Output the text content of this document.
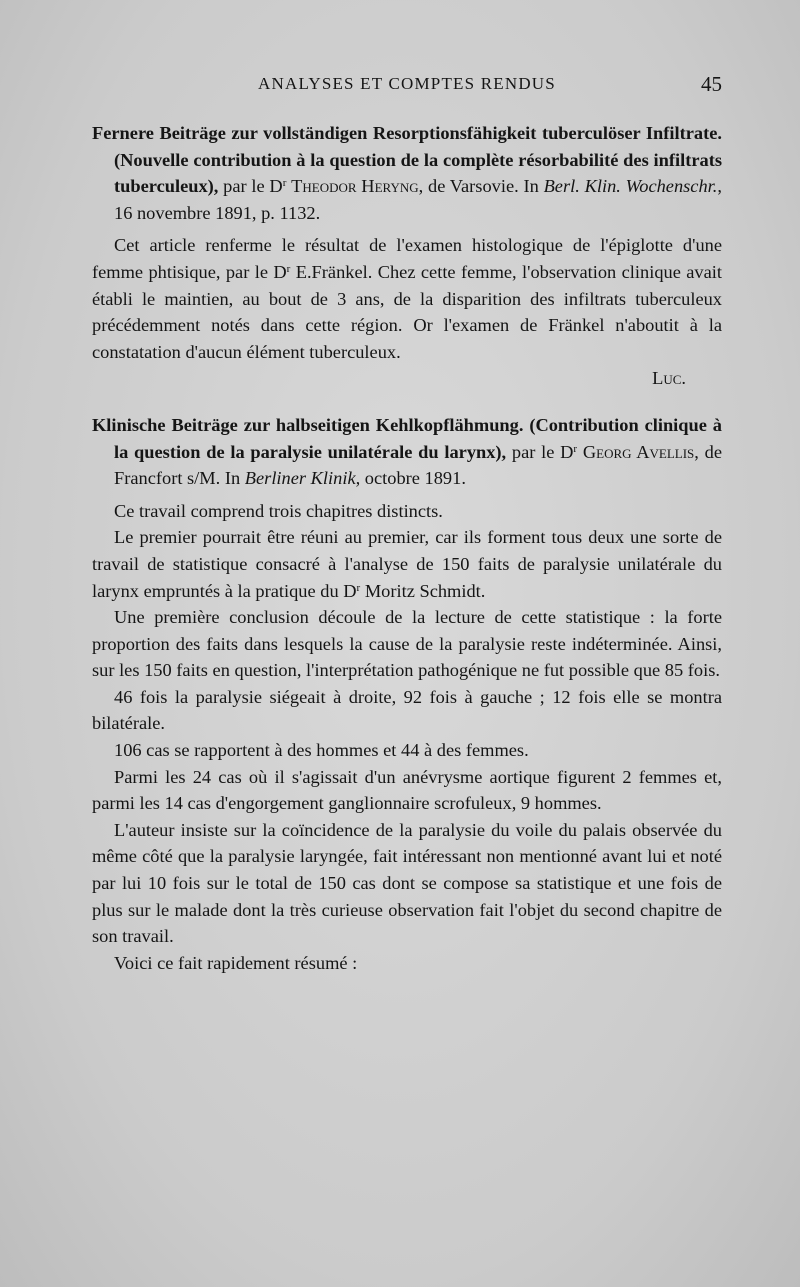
ANALYSES ET COMPTES RENDUS	45

Fernere Beiträge zur vollständigen Resorptionsfähigkeit tuberculöser Infiltrate. (Nouvelle contribution à la question de la complète résorbabilité des infiltrats tuberculeux), par le $D^r$ Theodor Heryng, de Varsovie. In Berl. Klin. Wochenschr., 16 novembre 1891, p. 1132.

Cet article renferme le résultat de l'examen histologique de l'épiglotte d'une femme phtisique, par le $D^r$ E.Fränkel. Chez cette femme, l'observation clinique avait établi le maintien, au bout de 3 ans, de la disparition des infiltrats tuberculeux précédemment notés dans cette région. Or l'examen de Fränkel n'aboutit à la constatation d'aucun élément tuberculeux.

Luc.

Klinische Beiträge zur halbseitigen Kehlkopflähmung. (Contribution clinique à la question de la paralysie unilatérale du larynx), par le $D^r$ Georg Avellis, de Francfort s/M. In Berliner Klinik, octobre 1891.

Ce travail comprend trois chapitres distincts.

Le premier pourrait être réuni au premier, car ils forment tous deux une sorte de travail de statistique consacré à l'analyse de 150 faits de paralysie unilatérale du larynx empruntés à la pratique du $D^r$ Moritz Schmidt.

Une première conclusion découle de la lecture de cette statistique : la forte proportion des faits dans lesquels la cause de la paralysie reste indéterminée. Ainsi, sur les 150 faits en question, l'interprétation pathogénique ne fut possible que 85 fois.

46 fois la paralysie siégeait à droite, 92 fois à gauche ; 12 fois elle se montra bilatérale.

106 cas se rapportent à des hommes et 44 à des femmes.

Parmi les 24 cas où il s'agissait d'un anévrysme aortique figurent 2 femmes et, parmi les 14 cas d'engorgement ganglionnaire scrofuleux, 9 hommes.

L'auteur insiste sur la coïncidence de la paralysie du voile du palais observée du même côté que la paralysie laryngée, fait intéressant non mentionné avant lui et noté par lui 10 fois sur le total de 150 cas dont se compose sa statistique et une fois de plus sur le malade dont la très curieuse observation fait l'objet du second chapitre de son travail.

Voici ce fait rapidement résumé :
